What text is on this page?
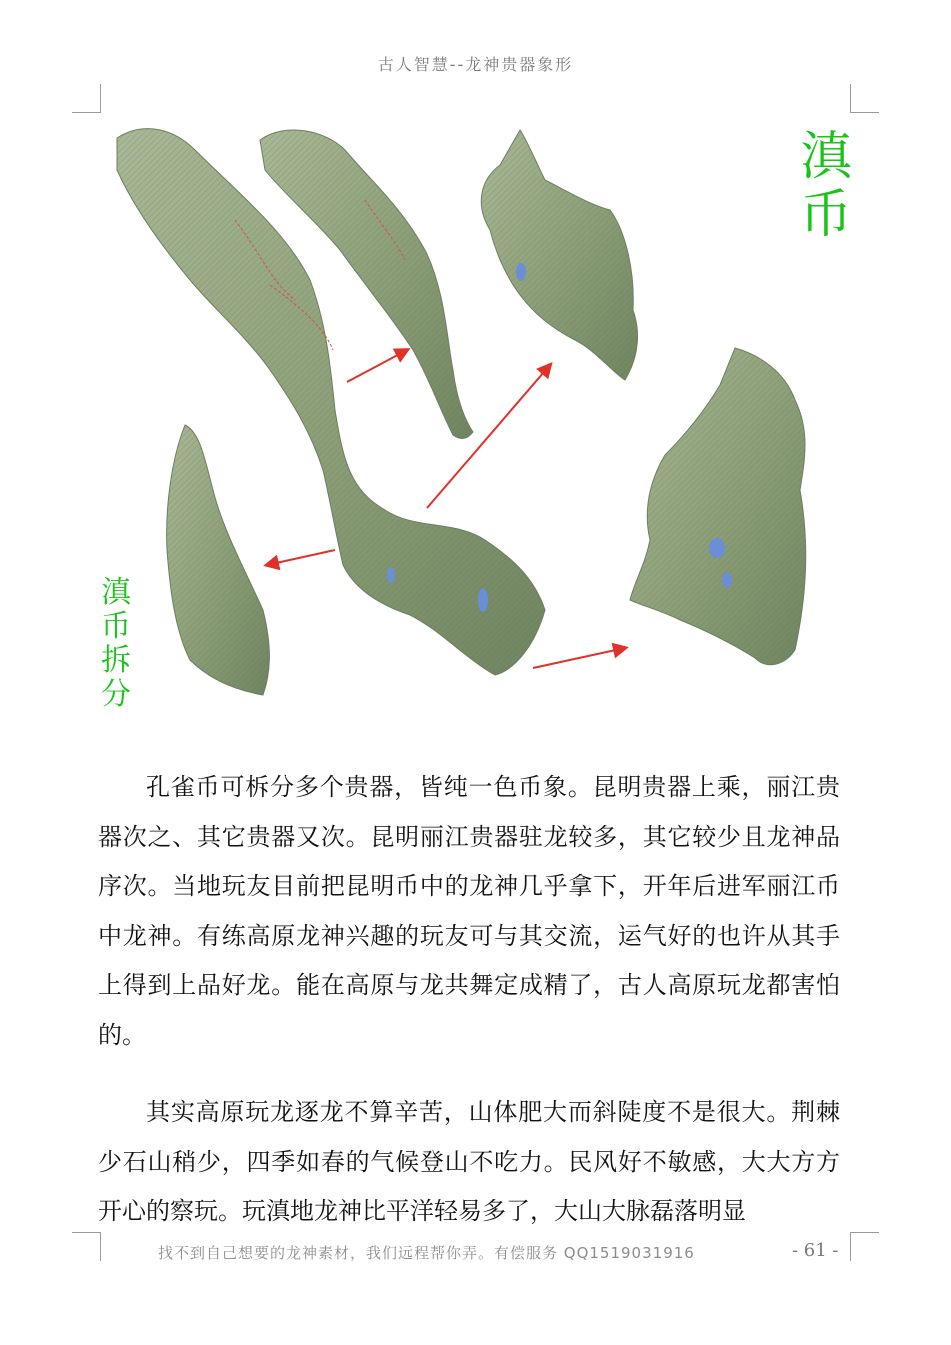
古人智慧--龙神贵器象形
滇
币
滇
币
拆
分

孔雀币可柝分多个贵器，皆纯一色币象。昆明贵器上乘，丽江贵器次之、其它贵器又次。昆明丽江贵器驻龙较多，其它较少且龙神品序次。当地玩友目前把昆明币中的龙神几乎拿下，开年后进军丽江币中龙神。有练高原龙神兴趣的玩友可与其交流，运气好的也许从其手上得到上品好龙。能在高原与龙共舞定成精了，古人高原玩龙都害怕的。

其实高原玩龙逐龙不算辛苦，山体肥大而斜陡度不是很大。荆棘少石山稍少，四季如春的气候登山不吃力。民风好不敏感，大大方方开心的察玩。玩滇地龙神比平洋轻易多了，大山大脉磊落明显

找不到自己想要的龙神素材，我们远程帮你弄。有偿服务 QQ1519031916	- 61 -
